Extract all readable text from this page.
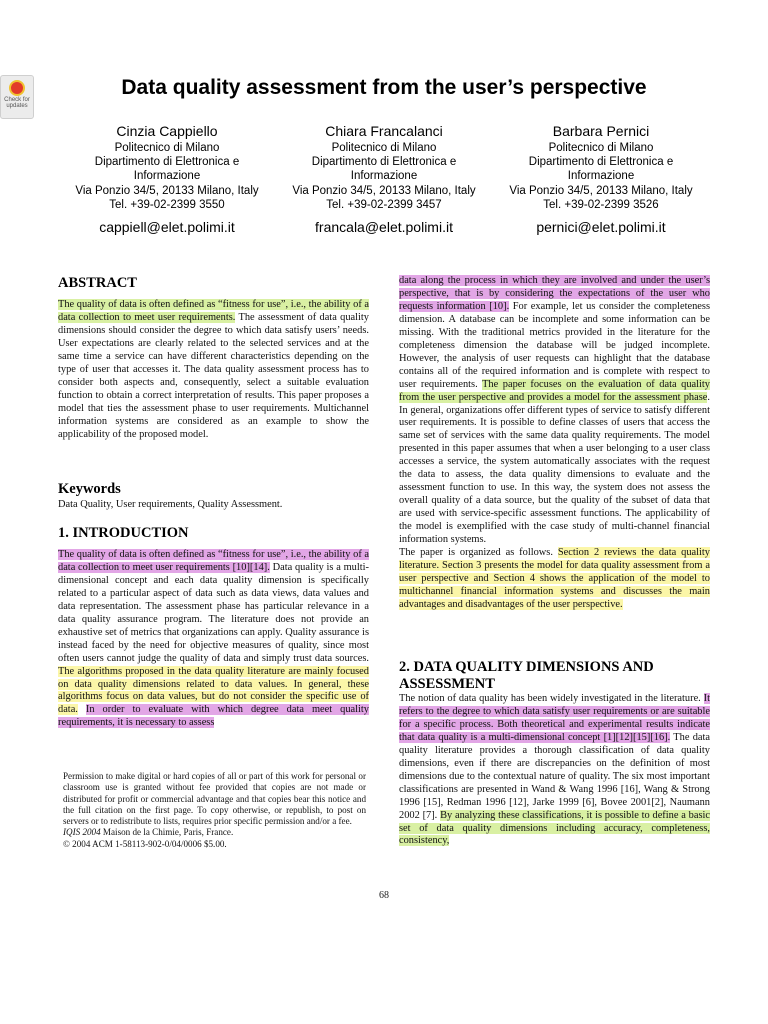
Check for updates
Data quality assessment from the user’s perspective
Cinzia Cappiello
Politecnico di Milano
Dipartimento di Elettronica e
Informazione
Via Ponzio 34/5, 20133 Milano, Italy
Tel. +39-02-2399 3550
cappiell@elet.polimi.it
Chiara Francalanci
Politecnico di Milano
Dipartimento di Elettronica e
Informazione
Via Ponzio 34/5, 20133 Milano, Italy
Tel. +39-02-2399 3457
francala@elet.polimi.it
Barbara Pernici
Politecnico di Milano
Dipartimento di Elettronica e
Informazione
Via Ponzio 34/5, 20133 Milano, Italy
Tel. +39-02-2399 3526
pernici@elet.polimi.it
ABSTRACT

The quality of data is often defined as “fitness for use”, i.e., the ability of a data collection to meet user requirements. The assessment of data quality dimensions should consider the degree to which data satisfy users’ needs. User expectations are clearly related to the selected services and at the same time a service can have different characteristics depending on the type of user that accesses it. The data quality assessment process has to consider both aspects and, consequently, select a suitable evaluation function to obtain a correct interpretation of results. This paper proposes a model that ties the assessment phase to user requirements. Multichannel information systems are considered as an example to show the applicability of the proposed model.

Keywords

Data Quality, User requirements, Quality Assessment.

1. INTRODUCTION

The quality of data is often defined as “fitness for use”, i.e., the ability of a data collection to meet user requirements [10][14]. Data quality is a multi-dimensional concept and each data quality dimension is specifically related to a particular aspect of data such as data views, data values and data representation. The assessment phase has particular relevance in a data quality assurance program. The literature does not provide an exhaustive set of metrics that organizations can apply. Quality assurance is instead faced by the need for objective measures of quality, since most often users cannot judge the quality of data and simply trust data sources. The algorithms proposed in the data quality literature are mainly focused on data quality dimensions related to data values. In general, these algorithms focus on data values, but do not consider the specific use of data. In order to evaluate with which degree data meet quality requirements, it is necessary to assess

Permission to make digital or hard copies of all or part of this work for personal or classroom use is granted without fee provided that copies are not made or distributed for profit or commercial advantage and that copies bear this notice and the full citation on the first page. To copy otherwise, or republish, to post on servers or to redistribute to lists, requires prior specific permission and/or a fee.

IQIS 2004 Maison de la Chimie, Paris, France.

© 2004 ACM 1-58113-902-0/04/0006 $5.00.

data along the process in which they are involved and under the user’s perspective, that is by considering the expectations of the user who requests information [10]. For example, let us consider the completeness dimension. A database can be incomplete and some information can be missing. With the traditional metrics provided in the literature for the completeness dimension the database will be judged incomplete. However, the analysis of user requests can highlight that the database contains all of the required information and is complete with respect to user requirements. The paper focuses on the evaluation of data quality from the user perspective and provides a model for the assessment phase. In general, organizations offer different types of service to satisfy different user requirements. It is possible to define classes of users that access the same set of services with the same data quality requirements. The model presented in this paper assumes that when a user belonging to a user class accesses a service, the system automatically associates with the request the data to assess, the data quality dimensions to evaluate and the assessment function to use. In this way, the system does not assess the overall quality of a data source, but the quality of the subset of data that are used with service-specific assessment functions. The applicability of the model is exemplified with the case study of multi-channel financial information systems.

The paper is organized as follows. Section 2 reviews the data quality literature. Section 3 presents the model for data quality assessment from a user perspective and Section 4 shows the application of the model to multichannel financial information systems and discusses the main advantages and disadvantages of the user perspective.

2. DATA QUALITY DIMENSIONS AND ASSESSMENT

The notion of data quality has been widely investigated in the literature. It refers to the degree to which data satisfy user requirements or are suitable for a specific process. Both theoretical and experimental results indicate that data quality is a multi-dimensional concept [1][12][15][16]. The data quality literature provides a thorough classification of data quality dimensions, even if there are discrepancies on the definition of most dimensions due to the contextual nature of quality. The six most important classifications are presented in Wand & Wang 1996 [16], Wang & Strong 1996 [15], Redman 1996 [12], Jarke 1999 [6], Bovee 2001[2], Naumann 2002 [7]. By analyzing these classifications, it is possible to define a basic set of data quality dimensions including accuracy, completeness, consistency,

68
